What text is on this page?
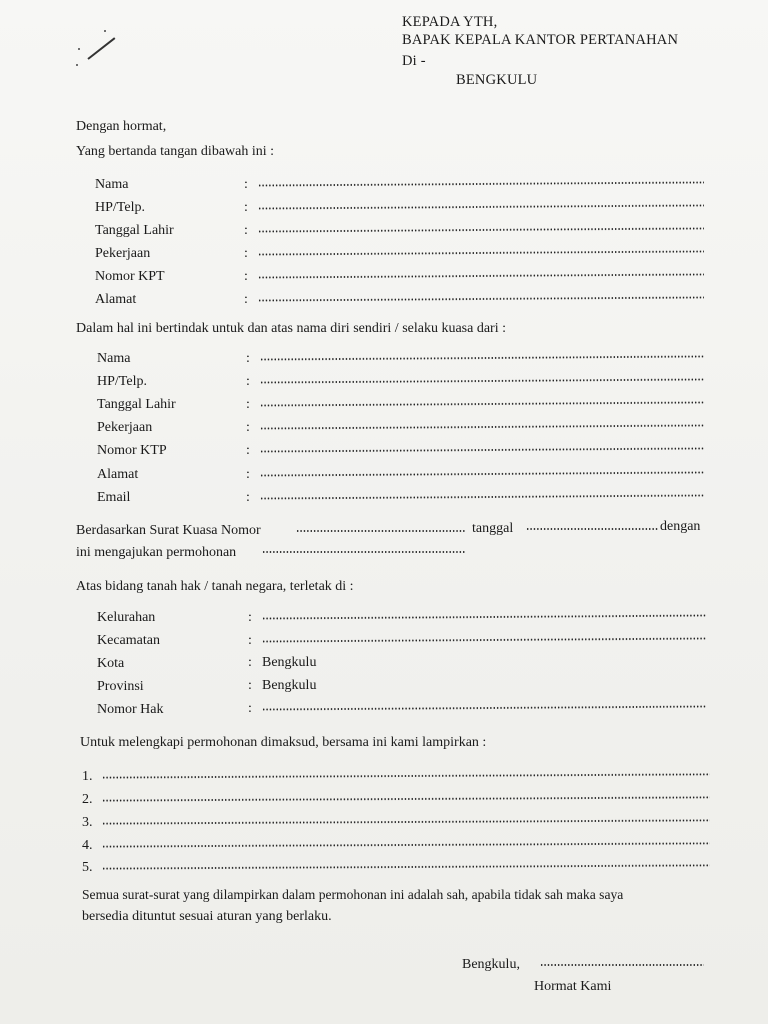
KEPADA YTH,
BAPAK KEPALA KANTOR PERTANAHAN
Di -
BENGKULU
Dengan hormat,
Yang bertanda tangan dibawah ini :
Nama	:
HP/Telp.	:
Tanggal Lahir	:
Pekerjaan	:
Nomor KPT	:
Alamat	:
Dalam hal ini bertindak untuk dan atas nama diri sendiri / selaku kuasa dari :
Nama	:
HP/Telp.	:
Tanggal Lahir	:
Pekerjaan	:
Nomor KTP	:
Alamat	:
Email	:
Berdasarkan Surat Kuasa Nomor	tanggal	dengan
ini mengajukan permohonan
Atas bidang tanah hak / tanah negara, terletak di :
Kelurahan	:
Kecamatan	:
Kota	: Bengkulu
Provinsi	: Bengkulu
Nomor Hak	:
Untuk melengkapi permohonan dimaksud, bersama ini kami lampirkan :
1.
2.
3.
4.
5.
Semua surat-surat yang dilampirkan dalam permohonan ini adalah sah, apabila tidak sah maka saya
bersedia dituntut sesuai aturan yang berlaku.
Bengkulu,
Hormat Kami
